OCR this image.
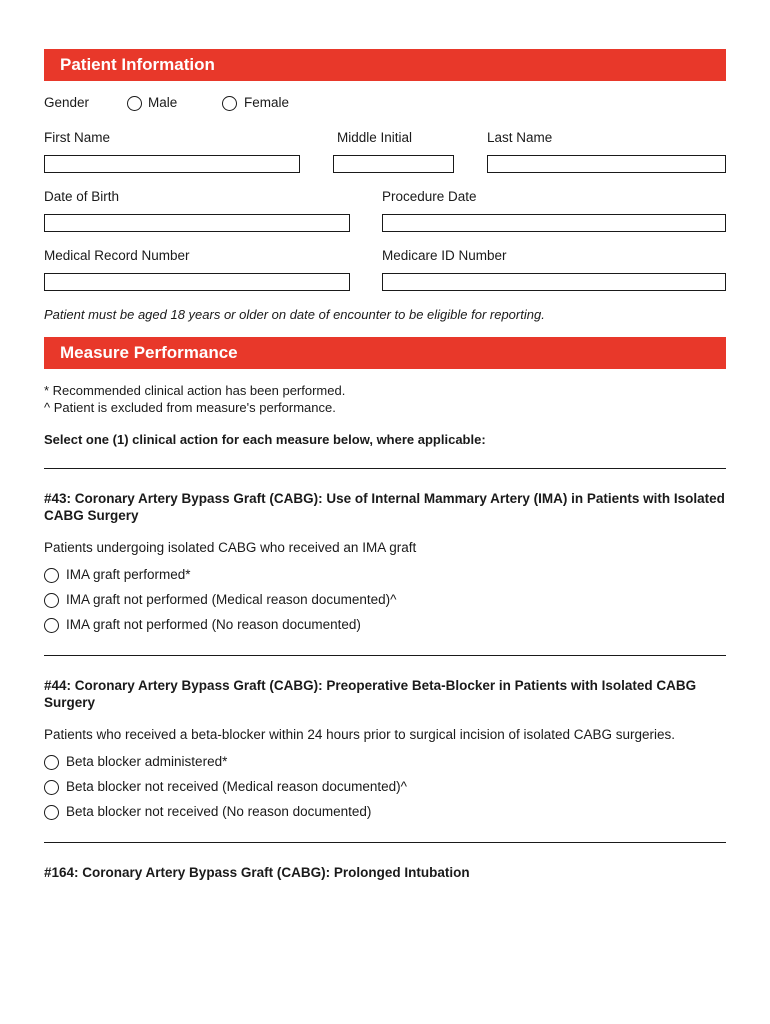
Patient Information
Gender	Male	Female
First Name	Middle Initial	Last Name
Date of Birth	Procedure Date
Medical Record Number	Medicare ID Number
Patient must be aged 18 years or older on date of encounter to be eligible for reporting.
Measure Performance
* Recommended clinical action has been performed.
^ Patient is excluded from measure's performance.
Select one (1) clinical action for each measure below, where applicable:
#43: Coronary Artery Bypass Graft (CABG): Use of Internal Mammary Artery (IMA) in Patients with Isolated CABG Surgery
Patients undergoing isolated CABG who received an IMA graft
IMA graft performed*
IMA graft not performed (Medical reason documented)^
IMA graft not performed (No reason documented)
#44: Coronary Artery Bypass Graft (CABG): Preoperative Beta-Blocker in Patients with Isolated CABG Surgery
Patients who received a beta-blocker within 24 hours prior to surgical incision of isolated CABG surgeries.
Beta blocker administered*
Beta blocker not received (Medical reason documented)^
Beta blocker not received (No reason documented)
#164: Coronary Artery Bypass Graft (CABG): Prolonged Intubation
